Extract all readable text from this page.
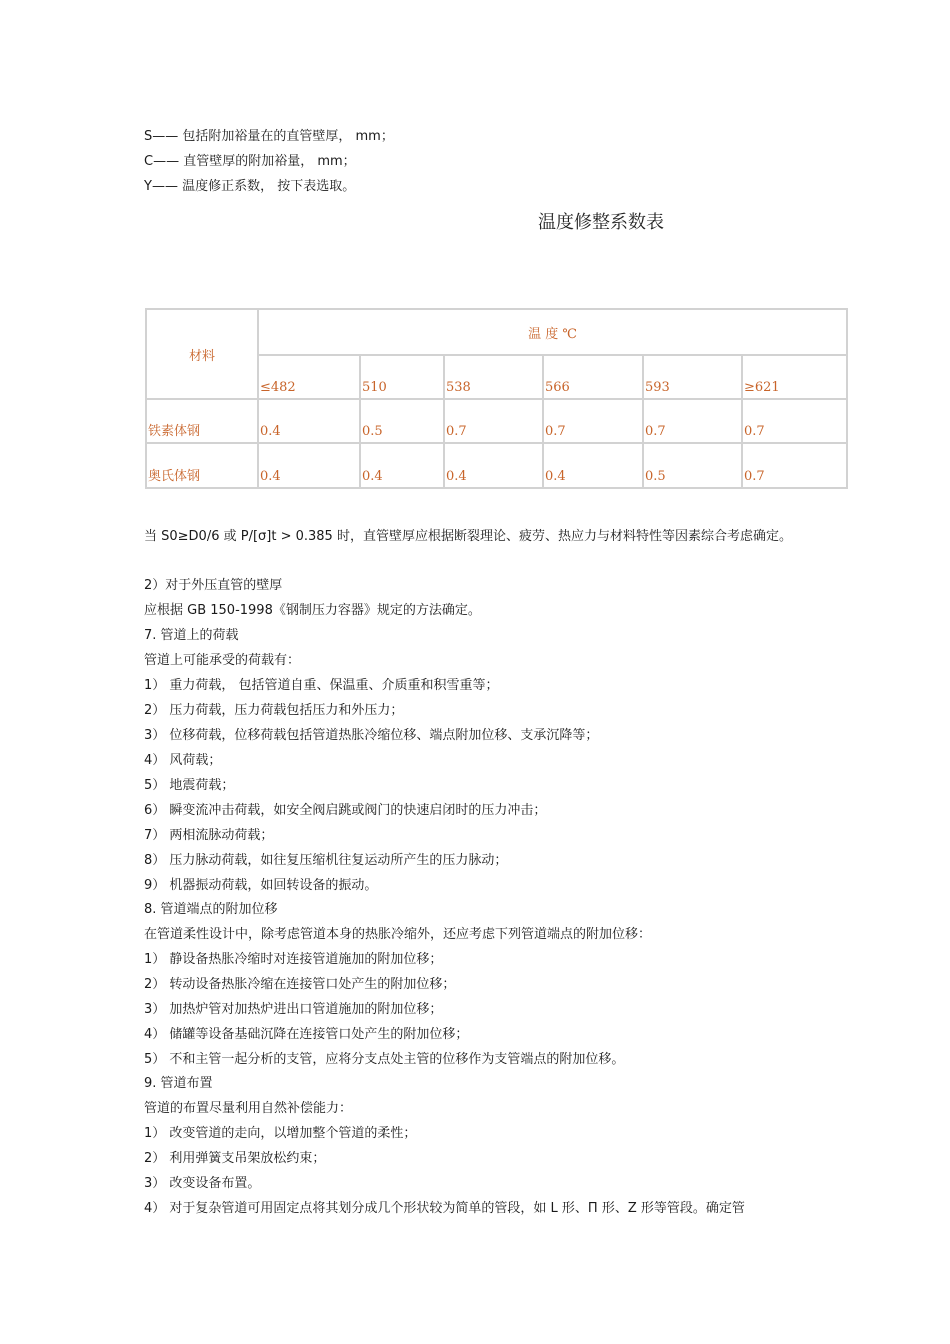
S—— 包括附加裕量在的直管壁厚， mm；
C—— 直管壁厚的附加裕量， mm；
Y—— 温度修正系数， 按下表选取。
温度修整系数表
材料	温 度 ℃					
	≤482	510	538	566	593	≥621
铁素体钢	0.4	0.5	0.7	0.7	0.7	0.7
奥氏体钢	0.4	0.4	0.4	0.4	0.5	0.7
当 S0≥D0/6 或 P/[σ]t > 0.385 时，直管壁厚应根据断裂理论、疲劳、热应力与材料特性等因素综合考虑确定。
2）对于外压直管的壁厚
应根据 GB 150-1998《钢制压力容器》规定的方法确定。
7. 管道上的荷载
管道上可能承受的荷载有：
1） 重力荷载， 包括管道自重、保温重、介质重和积雪重等；
2） 压力荷载，压力荷载包括压力和外压力；
3） 位移荷载，位移荷载包括管道热胀冷缩位移、端点附加位移、支承沉降等；
4） 风荷载；
5） 地震荷载；
6） 瞬变流冲击荷载，如安全阀启跳或阀门的快速启闭时的压力冲击；
7） 两相流脉动荷载；
8） 压力脉动荷载，如往复压缩机往复运动所产生的压力脉动；
9） 机器振动荷载，如回转设备的振动。
8. 管道端点的附加位移
在管道柔性设计中，除考虑管道本身的热胀冷缩外，还应考虑下列管道端点的附加位移：
1） 静设备热胀冷缩时对连接管道施加的附加位移；
2） 转动设备热胀冷缩在连接管口处产生的附加位移；
3） 加热炉管对加热炉进出口管道施加的附加位移；
4） 储罐等设备基础沉降在连接管口处产生的附加位移；
5） 不和主管一起分析的支管，应将分支点处主管的位移作为支管端点的附加位移。
9. 管道布置
管道的布置尽量利用自然补偿能力：
1） 改变管道的走向，以增加整个管道的柔性；
2） 利用弹簧支吊架放松约束；
3） 改变设备布置。
4） 对于复杂管道可用固定点将其划分成几个形状较为简单的管段，如 L 形、Π 形、Z 形等管段。确定管
